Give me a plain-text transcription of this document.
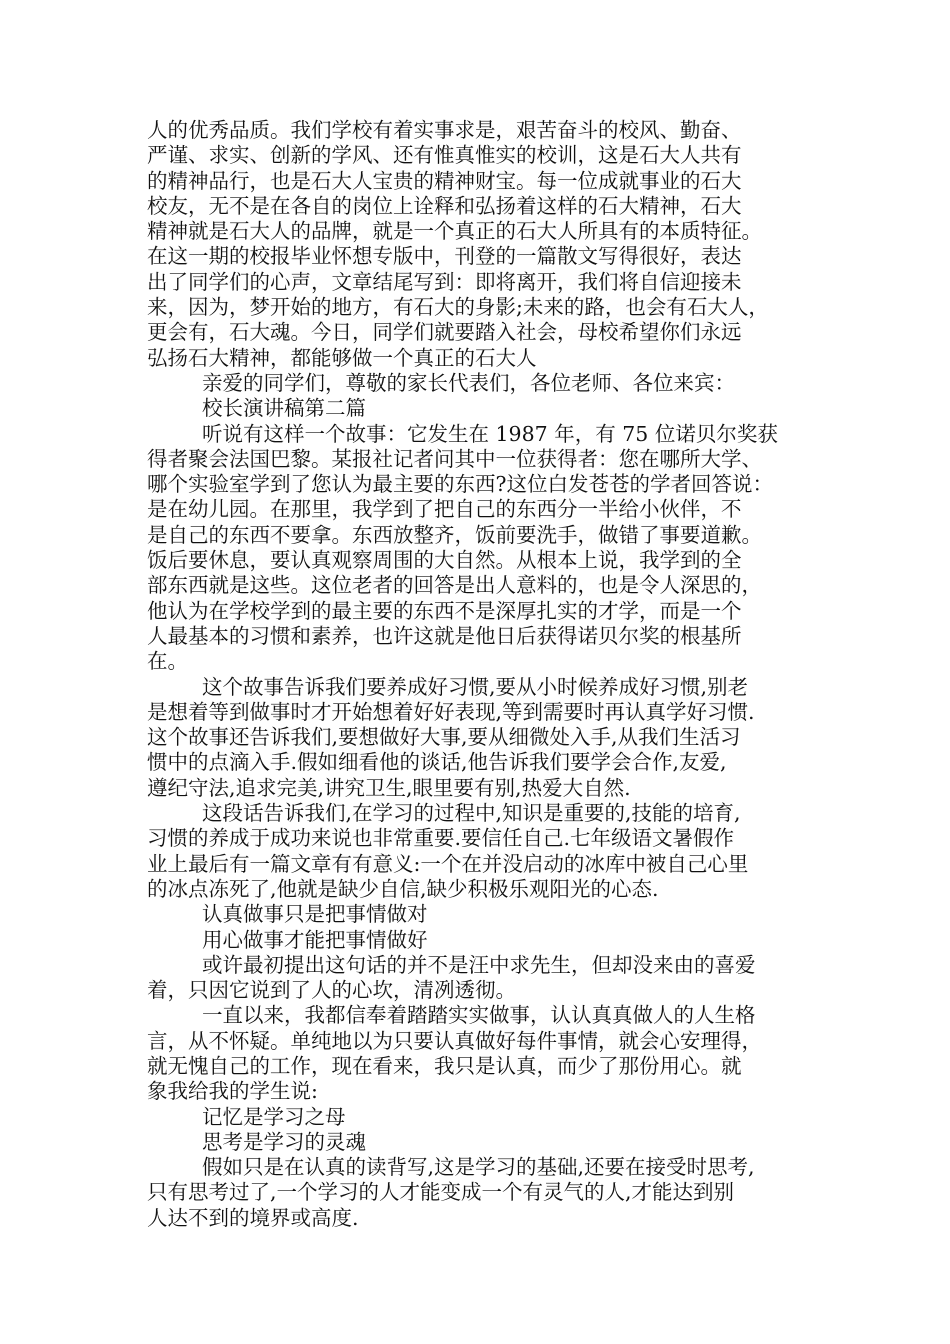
人的优秀品质。我们学校有着实事求是，艰苦奋斗的校风、勤奋、
严谨、求实、创新的学风、还有惟真惟实的校训，这是石大人共有
的精神品行，也是石大人宝贵的精神财宝。每一位成就事业的石大
校友，无不是在各自的岗位上诠释和弘扬着这样的石大精神，石大
精神就是石大人的品牌，就是一个真正的石大人所具有的本质特征。
在这一期的校报毕业怀想专版中，刊登的一篇散文写得很好，表达
出了同学们的心声，文章结尾写到：即将离开，我们将自信迎接未
来，因为，梦开始的地方，有石大的身影;未来的路，也会有石大人，
更会有，石大魂。今日，同学们就要踏入社会，母校希望你们永远
弘扬石大精神，都能够做一个真正的石大人
亲爱的同学们，尊敬的家长代表们，各位老师、各位来宾：
校长演讲稿第二篇
听说有这样一个故事：它发生在 1987 年，有 75 位诺贝尔奖获
得者聚会法国巴黎。某报社记者问其中一位获得者：您在哪所大学、
哪个实验室学到了您认为最主要的东西?这位白发苍苍的学者回答说：
是在幼儿园。在那里，我学到了把自己的东西分一半给小伙伴，不
是自己的东西不要拿。东西放整齐，饭前要洗手，做错了事要道歉。
饭后要休息，要认真观察周围的大自然。从根本上说，我学到的全
部东西就是这些。这位老者的回答是出人意料的，也是令人深思的，
他认为在学校学到的最主要的东西不是深厚扎实的才学，而是一个
人最基本的习惯和素养，也许这就是他日后获得诺贝尔奖的根基所
在。
这个故事告诉我们要养成好习惯,要从小时候养成好习惯,别老
是想着等到做事时才开始想着好好表现,等到需要时再认真学好习惯.
这个故事还告诉我们,要想做好大事,要从细微处入手,从我们生活习
惯中的点滴入手.假如细看他的谈话,他告诉我们要学会合作,友爱,
遵纪守法,追求完美,讲究卫生,眼里要有别,热爱大自然.
这段话告诉我们,在学习的过程中,知识是重要的,技能的培育,
习惯的养成于成功来说也非常重要.要信任自己.七年级语文暑假作
业上最后有一篇文章有有意义:一个在并没启动的冰库中被自己心里
的冰点冻死了,他就是缺少自信,缺少积极乐观阳光的心态.
认真做事只是把事情做对
用心做事才能把事情做好
或许最初提出这句话的并不是汪中求先生，但却没来由的喜爱
着，只因它说到了人的心坎，清冽透彻。
一直以来，我都信奉着踏踏实实做事，认认真真做人的人生格
言，从不怀疑。单纯地以为只要认真做好每件事情，就会心安理得，
就无愧自己的工作，现在看来，我只是认真，而少了那份用心。就
象我给我的学生说:
记忆是学习之母
思考是学习的灵魂
假如只是在认真的读背写,这是学习的基础,还要在接受时思考,
只有思考过了,一个学习的人才能变成一个有灵气的人,才能达到别
人达不到的境界或高度.
